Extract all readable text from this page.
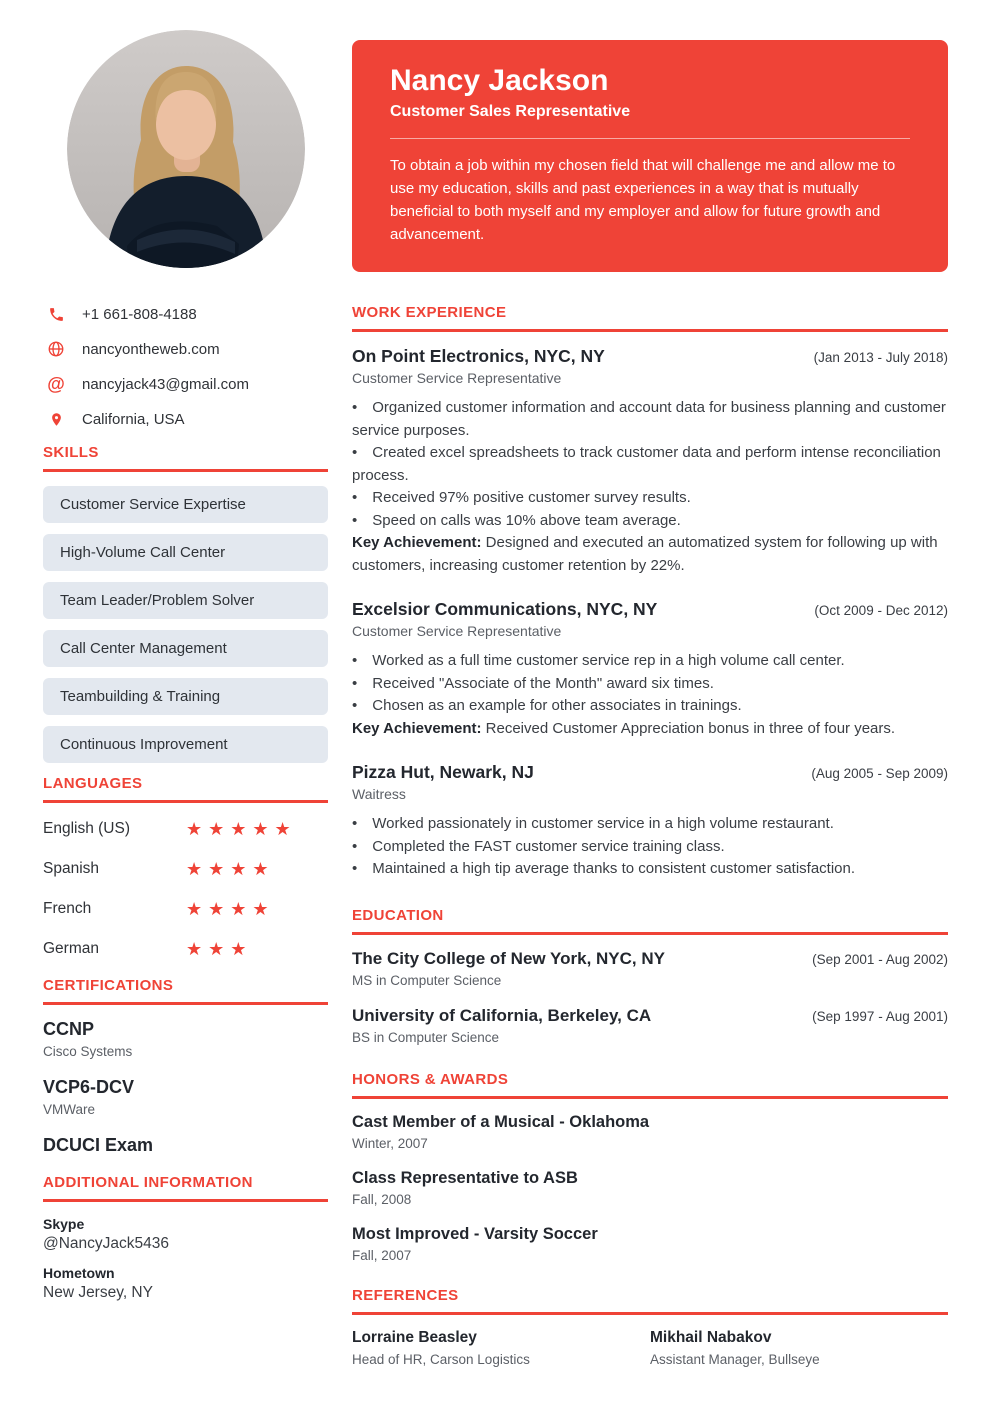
+1 661-808-4188
nancyontheweb.com
@ nancyjack43@gmail.com
California, USA
SKILLS
Customer Service Expertise
High-Volume Call Center
Team Leader/Problem Solver
Call Center Management
Teambuilding & Training
Continuous Improvement
LANGUAGES
English (US)	★★★★★
Spanish	★★★★
French	★★★★
German	★★★
CERTIFICATIONS
CCNP
Cisco Systems
VCP6-DCV
VMWare
DCUCI Exam
ADDITIONAL INFORMATION
Skype
@NancyJack5436
Hometown
New Jersey, NY
Nancy Jackson
Customer Sales Representative
To obtain a job within my chosen field that will challenge me and allow me to use my education, skills and past experiences in a way that is mutually beneficial to both myself and my employer and allow for future growth and advancement.
WORK EXPERIENCE
On Point Electronics, NYC, NY	(Jan 2013 - July 2018)
Customer Service Representative
• Organized customer information and account data for business planning and customer service purposes.
• Created excel spreadsheets to track customer data and perform intense reconciliation process.
• Received 97% positive customer survey results.
• Speed on calls was 10% above team average.
Key Achievement: Designed and executed an automatized system for following up with customers, increasing customer retention by 22%.
Excelsior Communications, NYC, NY	(Oct 2009 - Dec 2012)
Customer Service Representative
• Worked as a full time customer service rep in a high volume call center.
• Received "Associate of the Month" award six times.
• Chosen as an example for other associates in trainings.
Key Achievement: Received Customer Appreciation bonus in three of four years.
Pizza Hut, Newark, NJ	(Aug 2005 - Sep 2009)
Waitress
• Worked passionately in customer service in a high volume restaurant.
• Completed the FAST customer service training class.
• Maintained a high tip average thanks to consistent customer satisfaction.
EDUCATION
The City College of New York, NYC, NY	(Sep 2001 - Aug 2002)
MS in Computer Science
University of California, Berkeley, CA	(Sep 1997 - Aug 2001)
BS in Computer Science
HONORS & AWARDS
Cast Member of a Musical - Oklahoma
Winter, 2007
Class Representative to ASB
Fall, 2008
Most Improved - Varsity Soccer
Fall, 2007
REFERENCES
Lorraine Beasley
Head of HR, Carson Logistics
Mikhail Nabakov
Assistant Manager, Bullseye
